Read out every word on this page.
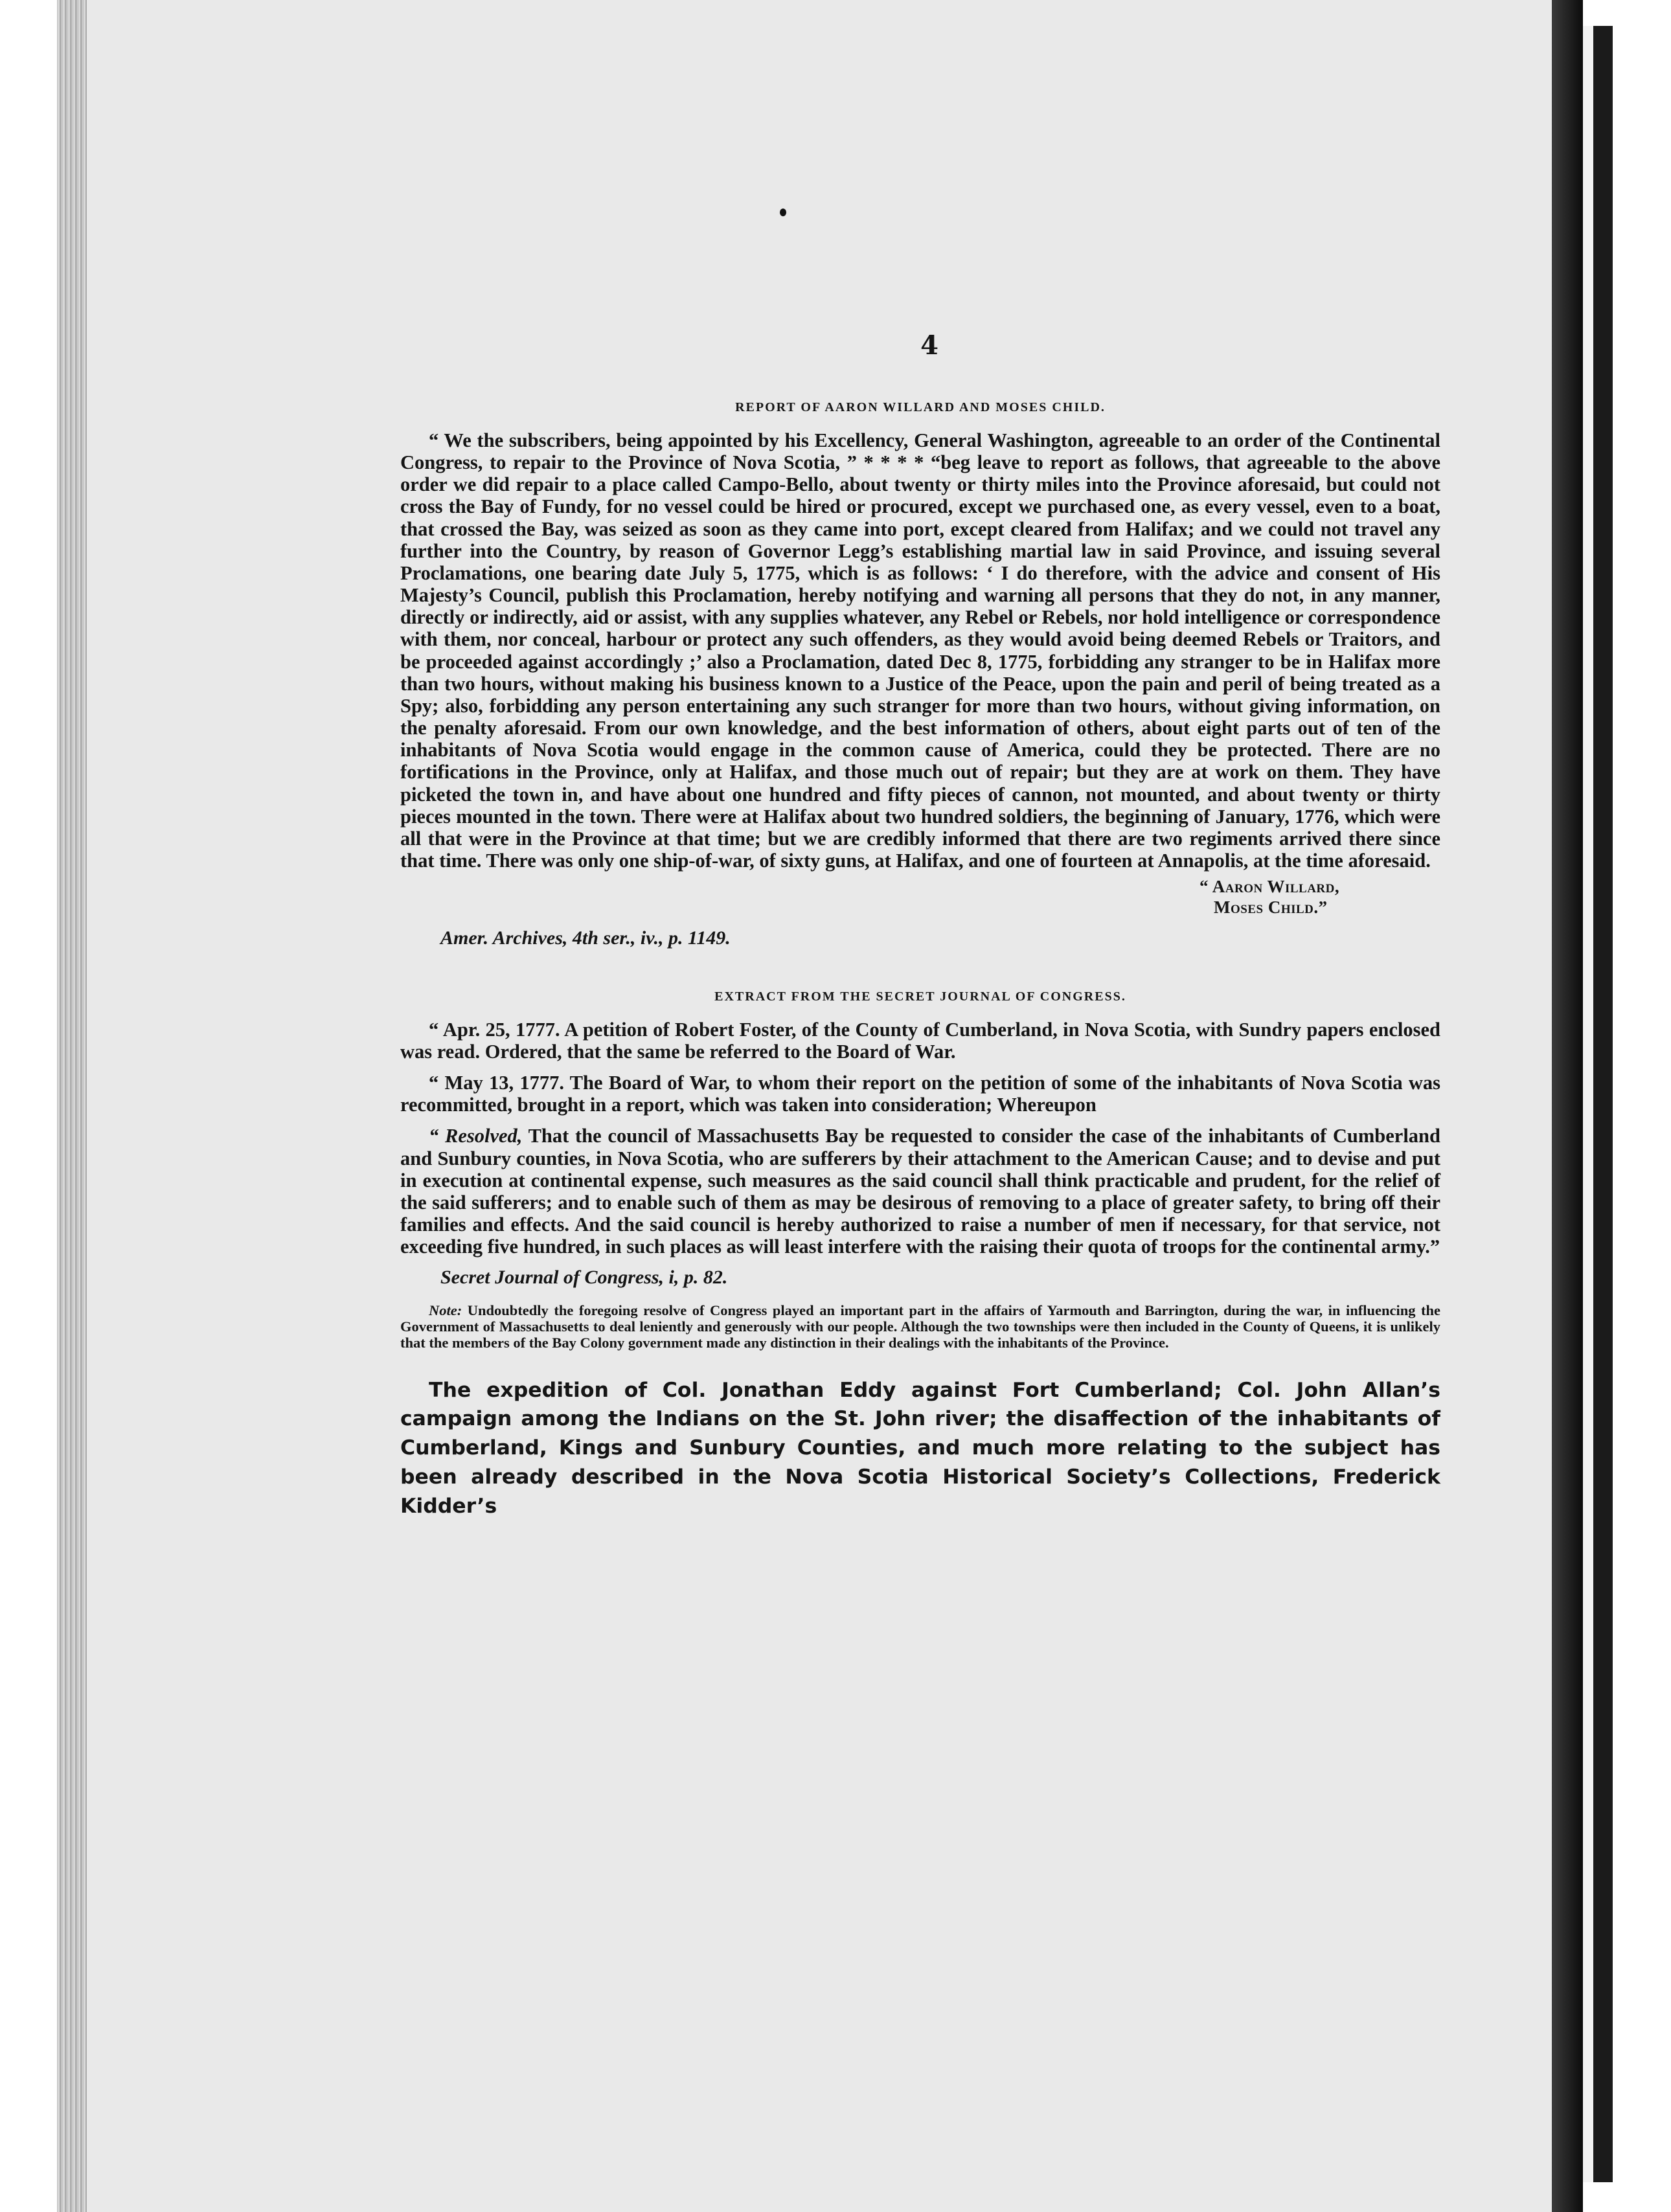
4

REPORT OF AARON WILLARD AND MOSES CHILD.

“ We the subscribers, being appointed by his Excellency, General Washington, agreeable to an order of the Continental Congress, to repair to the Province of Nova Scotia, ” * * * * “beg leave to report as follows, that agreeable to the above order we did repair to a place called Campo-Bello, about twenty or thirty miles into the Province aforesaid, but could not cross the Bay of Fundy, for no vessel could be hired or procured, except we purchased one, as every vessel, even to a boat, that crossed the Bay, was seized as soon as they came into port, except cleared from Halifax; and we could not travel any further into the Country, by reason of Governor Legg’s establishing martial law in said Province, and issuing several Proclamations, one bearing date July 5, 1775, which is as follows: ‘ I do therefore, with the advice and consent of His Majesty’s Council, publish this Proclamation, hereby notifying and warning all persons that they do not, in any manner, directly or indirectly, aid or assist, with any supplies whatever, any Rebel or Rebels, nor hold intelligence or correspondence with them, nor conceal, harbour or protect any such offenders, as they would avoid being deemed Rebels or Traitors, and be proceeded against accordingly ;’ also a Proclamation, dated Dec 8, 1775, forbidding any stranger to be in Halifax more than two hours, without making his business known to a Justice of the Peace, upon the pain and peril of being treated as a Spy; also, forbidding any person entertaining any such stranger for more than two hours, without giving information, on the penalty aforesaid. From our own knowledge, and the best information of others, about eight parts out of ten of the inhabitants of Nova Scotia would engage in the common cause of America, could they be protected. There are no fortifications in the Province, only at Halifax, and those much out of repair; but they are at work on them. They have picketed the town in, and have about one hundred and fifty pieces of cannon, not mounted, and about twenty or thirty pieces mounted in the town. There were at Halifax about two hundred soldiers, the beginning of January, 1776, which were all that were in the Province at that time; but we are credibly informed that there are two regiments arrived there since that time. There was only one ship-of-war, of sixty guns, at Halifax, and one of fourteen at Annapolis, at the time aforesaid.

“ Aaron Willard,
Moses Child.”

Amer. Archives, 4th ser., iv., p. 1149.

EXTRACT FROM THE SECRET JOURNAL OF CONGRESS.

“ Apr. 25, 1777. A petition of Robert Foster, of the County of Cumberland, in Nova Scotia, with Sundry papers enclosed was read. Ordered, that the same be referred to the Board of War.

“ May 13, 1777. The Board of War, to whom their report on the petition of some of the inhabitants of Nova Scotia was recommitted, brought in a report, which was taken into consideration; Whereupon

“ Resolved, That the council of Massachusetts Bay be requested to consider the case of the inhabitants of Cumberland and Sunbury counties, in Nova Scotia, who are sufferers by their attachment to the American Cause; and to devise and put in execution at continental expense, such measures as the said council shall think practicable and prudent, for the relief of the said sufferers; and to enable such of them as may be desirous of removing to a place of greater safety, to bring off their families and effects. And the said council is hereby authorized to raise a number of men if necessary, for that service, not exceeding five hundred, in such places as will least interfere with the raising their quota of troops for the continental army.”

Secret Journal of Congress, i, p. 82.

Note: Undoubtedly the foregoing resolve of Congress played an important part in the affairs of Yarmouth and Barrington, during the war, in influencing the Government of Massachusetts to deal leniently and generously with our people. Although the two townships were then included in the County of Queens, it is unlikely that the members of the Bay Colony government made any distinction in their dealings with the inhabitants of the Province.

The expedition of Col. Jonathan Eddy against Fort Cumberland; Col. John Allan’s campaign among the Indians on the St. John river; the disaffection of the inhabitants of Cumberland, Kings and Sunbury Counties, and much more relating to the subject has been already described in the Nova Scotia Historical Society’s Collections, Frederick Kidder’s
